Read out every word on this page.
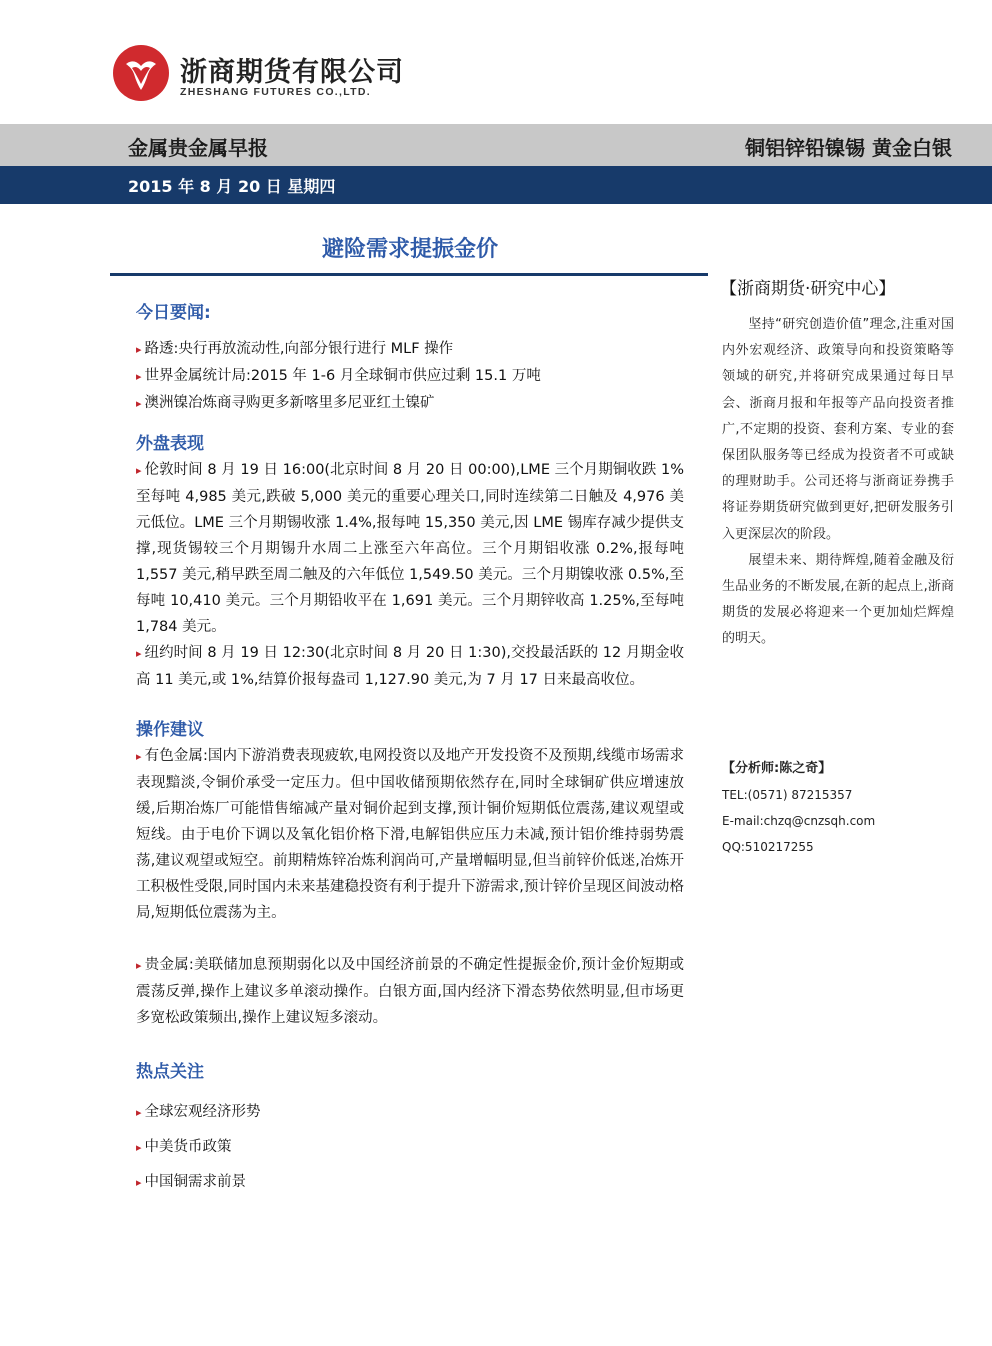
浙商期货有限公司
ZHESHANG FUTURES CO.,LTD.
金属贵金属早报	铜铝锌铅镍锡 黄金白银
2015 年 8 月 20 日 星期四
避险需求提振金价
今日要闻:

▸ 路透:央行再放流动性,向部分银行进行 MLF 操作

▸ 世界金属统计局:2015 年 1-6 月全球铜市供应过剩 15.1 万吨

▸ 澳洲镍冶炼商寻购更多新喀里多尼亚红土镍矿

外盘表现

▸ 伦敦时间 8 月 19 日 16:00(北京时间 8 月 20 日 00:00),LME 三个月期铜收跌 1%至每吨 4,985 美元,跌破 5,000 美元的重要心理关口,同时连续第二日触及 4,976 美元低位。LME 三个月期锡收涨 1.4%,报每吨 15,350 美元,因 LME 锡库存减少提供支撑,现货锡较三个月期锡升水周二上涨至六年高位。三个月期铝收涨 0.2%,报每吨 1,557 美元,稍早跌至周二触及的六年低位 1,549.50 美元。三个月期镍收涨 0.5%,至每吨 10,410 美元。三个月期铅收平在 1,691 美元。三个月期锌收高 1.25%,至每吨 1,784 美元。

▸ 纽约时间 8 月 19 日 12:30(北京时间 8 月 20 日 1:30),交投最活跃的 12 月期金收高 11 美元,或 1%,结算价报每盎司 1,127.90 美元,为 7 月 17 日来最高收位。

操作建议

▸ 有色金属:国内下游消费表现疲软,电网投资以及地产开发投资不及预期,线缆市场需求表现黯淡,令铜价承受一定压力。但中国收储预期依然存在,同时全球铜矿供应增速放缓,后期冶炼厂可能惜售缩减产量对铜价起到支撑,预计铜价短期低位震荡,建议观望或短线。由于电价下调以及氧化铝价格下滑,电解铝供应压力未减,预计铝价维持弱势震荡,建议观望或短空。前期精炼锌冶炼利润尚可,产量增幅明显,但当前锌价低迷,冶炼开工积极性受限,同时国内未来基建稳投资有利于提升下游需求,预计锌价呈现区间波动格局,短期低位震荡为主。

▸ 贵金属:美联储加息预期弱化以及中国经济前景的不确定性提振金价,预计金价短期或震荡反弹,操作上建议多单滚动操作。白银方面,国内经济下滑态势依然明显,但市场更多宽松政策频出,操作上建议短多滚动。

热点关注

▸ 全球宏观经济形势

▸ 中美货币政策

▸ 中国铜需求前景

【浙商期货·研究中心】

坚持“研究创造价值”理念,注重对国内外宏观经济、政策导向和投资策略等领域的研究,并将研究成果通过每日早会、浙商月报和年报等产品向投资者推广,不定期的投资、套利方案、专业的套保团队服务等已经成为投资者不可或缺的理财助手。公司还将与浙商证券携手将证券期货研究做到更好,把研发服务引入更深层次的阶段。

展望未来、期待辉煌,随着金融及衍生品业务的不断发展,在新的起点上,浙商期货的发展必将迎来一个更加灿烂辉煌的明天。

【分析师:陈之奇】
TEL:(0571) 87215357
E-mail:chzq@cnzsqh.com
QQ:510217255
